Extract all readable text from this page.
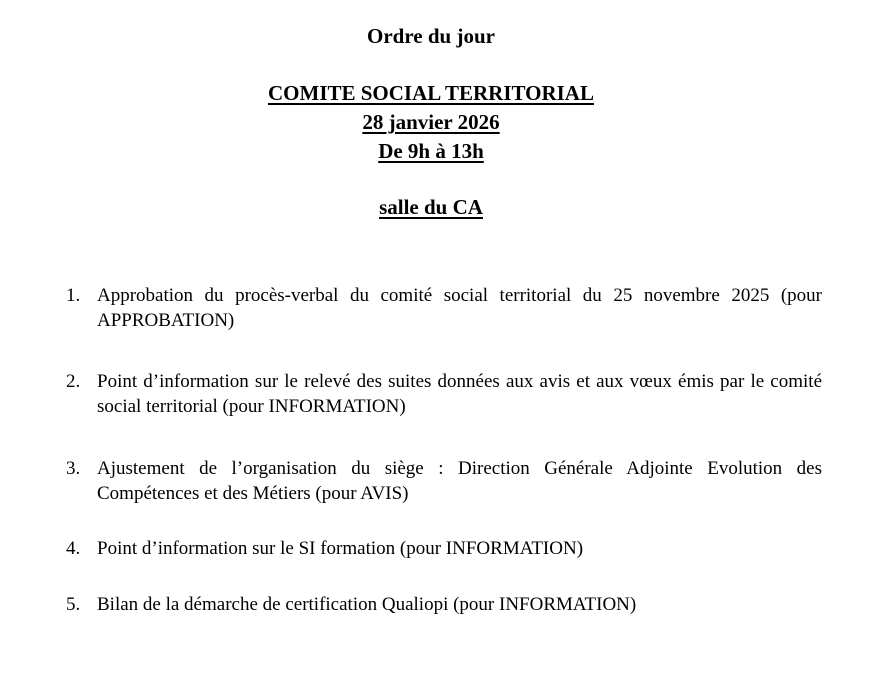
Ordre du jour
COMITE SOCIAL TERRITORIAL
28 janvier 2026
De 9h à 13h
salle du CA
1. Approbation du procès-verbal du comité social territorial du 25 novembre 2025 (pour APPROBATION)
2. Point d’information sur le relevé des suites données aux avis et aux vœux émis par le comité social territorial (pour INFORMATION)
3. Ajustement de l’organisation du siège : Direction Générale Adjointe Evolution des Compétences et des Métiers (pour AVIS)
4. Point d’information sur le SI formation (pour INFORMATION)
5. Bilan de la démarche de certification Qualiopi (pour INFORMATION)
